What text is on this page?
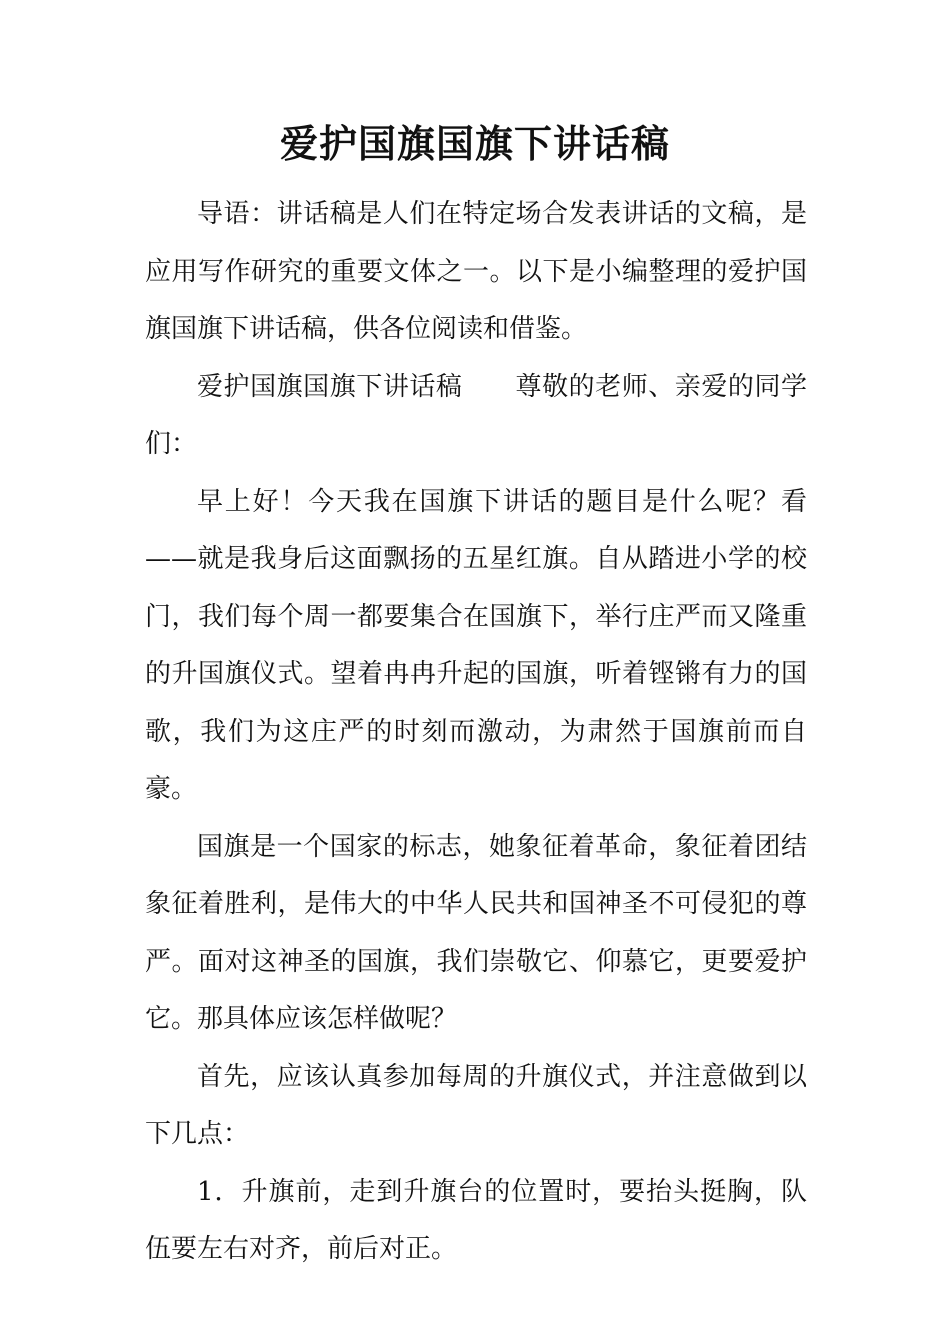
爱护国旗国旗下讲话稿

导语：讲话稿是人们在特定场合发表讲话的文稿，是应用写作研究的重要文体之一。以下是小编整理的爱护国旗国旗下讲话稿，供各位阅读和借鉴。

爱护国旗国旗下讲话稿　　尊敬的老师、亲爱的同学们：

早上好！今天我在国旗下讲话的题目是什么呢？看——就是我身后这面飘扬的五星红旗。自从踏进小学的校门，我们每个周一都要集合在国旗下，举行庄严而又隆重的升国旗仪式。望着冉冉升起的国旗，听着铿锵有力的国歌，我们为这庄严的时刻而激动，为肃然于国旗前而自豪。

国旗是一个国家的标志，她象征着革命，象征着团结象征着胜利，是伟大的中华人民共和国神圣不可侵犯的尊严。面对这神圣的国旗，我们崇敬它、仰慕它，更要爱护它。那具体应该怎样做呢？

首先，应该认真参加每周的升旗仪式，并注意做到以下几点：

1．升旗前，走到升旗台的位置时，要抬头挺胸，队伍要左右对齐，前后对正。
